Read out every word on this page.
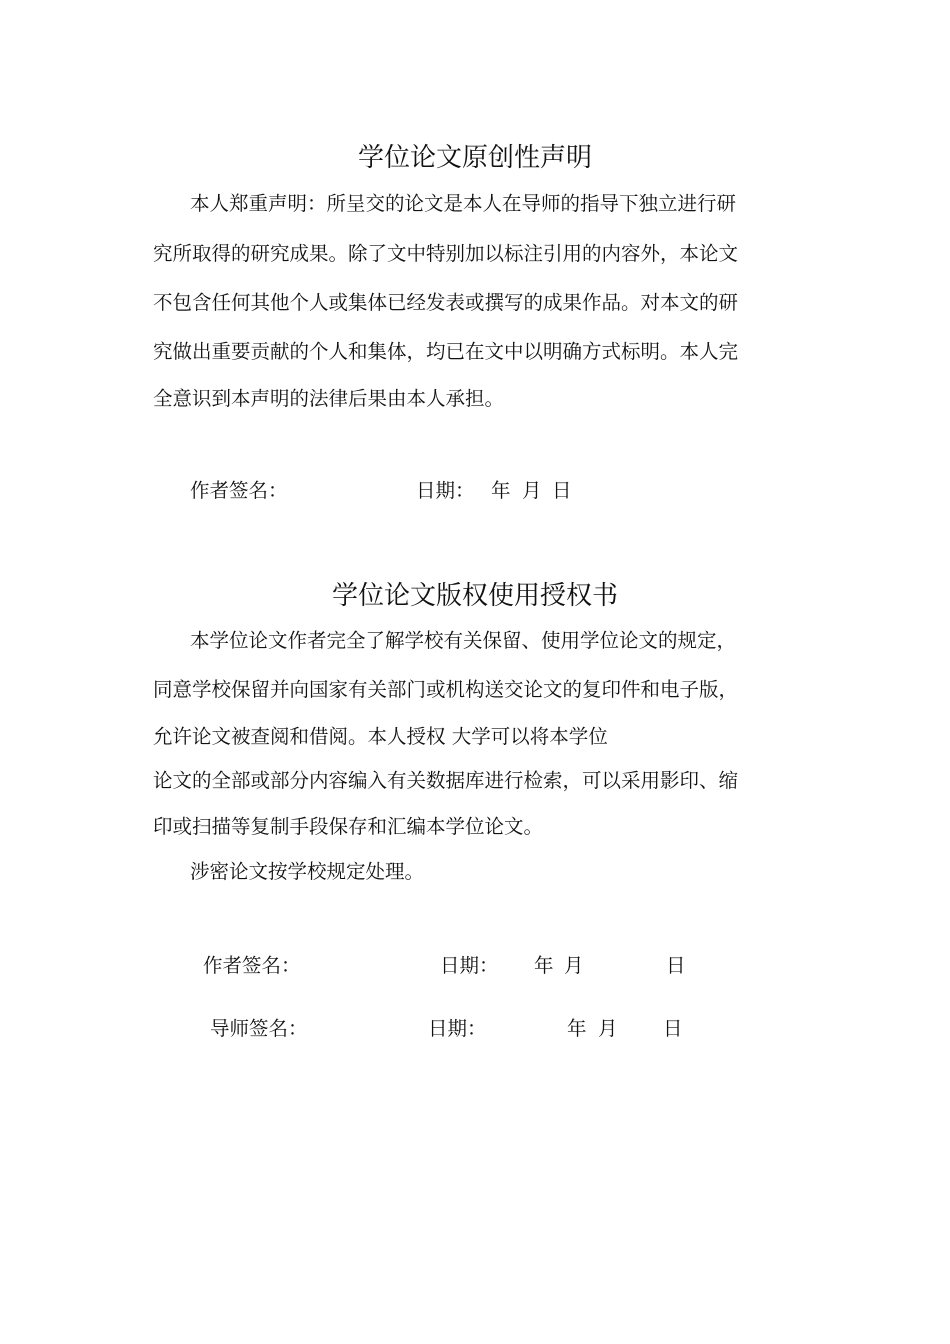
学位论文原创性声明
本人郑重声明：所呈交的论文是本人在导师的指导下独立进行研
究所取得的研究成果。除了文中特别加以标注引用的内容外，本论文
不包含任何其他个人或集体已经发表或撰写的成果作品。对本文的研
究做出重要贡献的个人和集体，均已在文中以明确方式标明。本人完
全意识到本声明的法律后果由本人承担。
作者签名：	日期： 年 月 日
学位论文版权使用授权书
本学位论文作者完全了解学校有关保留、使用学位论文的规定，
同意学校保留并向国家有关部门或机构送交论文的复印件和电子版，
允许论文被查阅和借阅。本人授权 大学可以将本学位
论文的全部或部分内容编入有关数据库进行检索，可以采用影印、缩
印或扫描等复制手段保存和汇编本学位论文。
涉密论文按学校规定处理。
作者签名：	日期： 年 月	日
导师签名：	日期：	年 月 日
